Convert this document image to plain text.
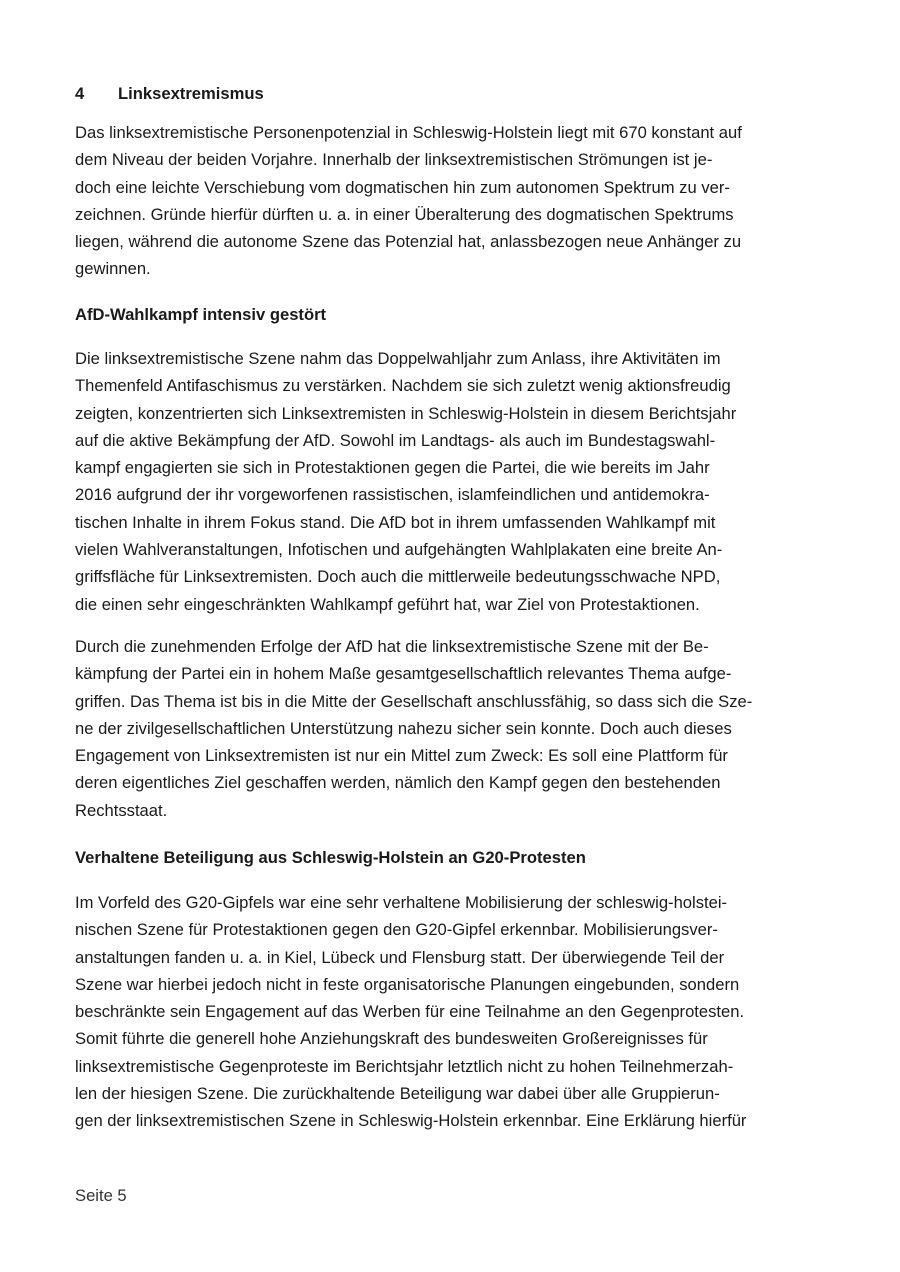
4 Linksextremismus
Das linksextremistische Personenpotenzial in Schleswig-Holstein liegt mit 670 konstant auf
dem Niveau der beiden Vorjahre. Innerhalb der linksextremistischen Strömungen ist je-
doch eine leichte Verschiebung vom dogmatischen hin zum autonomen Spektrum zu ver-
zeichnen. Gründe hierfür dürften u. a. in einer Überalterung des dogmatischen Spektrums
liegen, während die autonome Szene das Potenzial hat, anlassbezogen neue Anhänger zu
gewinnen.
AfD-Wahlkampf intensiv gestört
Die linksextremistische Szene nahm das Doppelwahljahr zum Anlass, ihre Aktivitäten im
Themenfeld Antifaschismus zu verstärken. Nachdem sie sich zuletzt wenig aktionsfreudig
zeigten, konzentrierten sich Linksextremisten in Schleswig-Holstein in diesem Berichtsjahr
auf die aktive Bekämpfung der AfD. Sowohl im Landtags- als auch im Bundestagswahl-
kampf engagierten sie sich in Protestaktionen gegen die Partei, die wie bereits im Jahr
2016 aufgrund der ihr vorgeworfenen rassistischen, islamfeindlichen und antidemokra-
tischen Inhalte in ihrem Fokus stand. Die AfD bot in ihrem umfassenden Wahlkampf mit
vielen Wahlveranstaltungen, Infotischen und aufgehängten Wahlplakaten eine breite An-
griffsfläche für Linksextremisten. Doch auch die mittlerweile bedeutungsschwache NPD,
die einen sehr eingeschränkten Wahlkampf geführt hat, war Ziel von Protestaktionen.
Durch die zunehmenden Erfolge der AfD hat die linksextremistische Szene mit der Be-
kämpfung der Partei ein in hohem Maße gesamtgesellschaftlich relevantes Thema aufge-
griffen. Das Thema ist bis in die Mitte der Gesellschaft anschlussfähig, so dass sich die Sze-
ne der zivilgesellschaftlichen Unterstützung nahezu sicher sein konnte. Doch auch dieses
Engagement von Linksextremisten ist nur ein Mittel zum Zweck: Es soll eine Plattform für
deren eigentliches Ziel geschaffen werden, nämlich den Kampf gegen den bestehenden
Rechtsstaat.
Verhaltene Beteiligung aus Schleswig-Holstein an G20-Protesten
Im Vorfeld des G20-Gipfels war eine sehr verhaltene Mobilisierung der schleswig-holstei-
nischen Szene für Protestaktionen gegen den G20-Gipfel erkennbar. Mobilisierungsver-
anstaltungen fanden u. a. in Kiel, Lübeck und Flensburg statt. Der überwiegende Teil der
Szene war hierbei jedoch nicht in feste organisatorische Planungen eingebunden, sondern
beschränkte sein Engagement auf das Werben für eine Teilnahme an den Gegenprotesten.
Somit führte die generell hohe Anziehungskraft des bundesweiten Großereignisses für
linksextremistische Gegenproteste im Berichtsjahr letztlich nicht zu hohen Teilnehmerzah-
len der hiesigen Szene. Die zurückhaltende Beteiligung war dabei über alle Gruppierun-
gen der linksextremistischen Szene in Schleswig-Holstein erkennbar. Eine Erklärung hierfür
Seite 5
